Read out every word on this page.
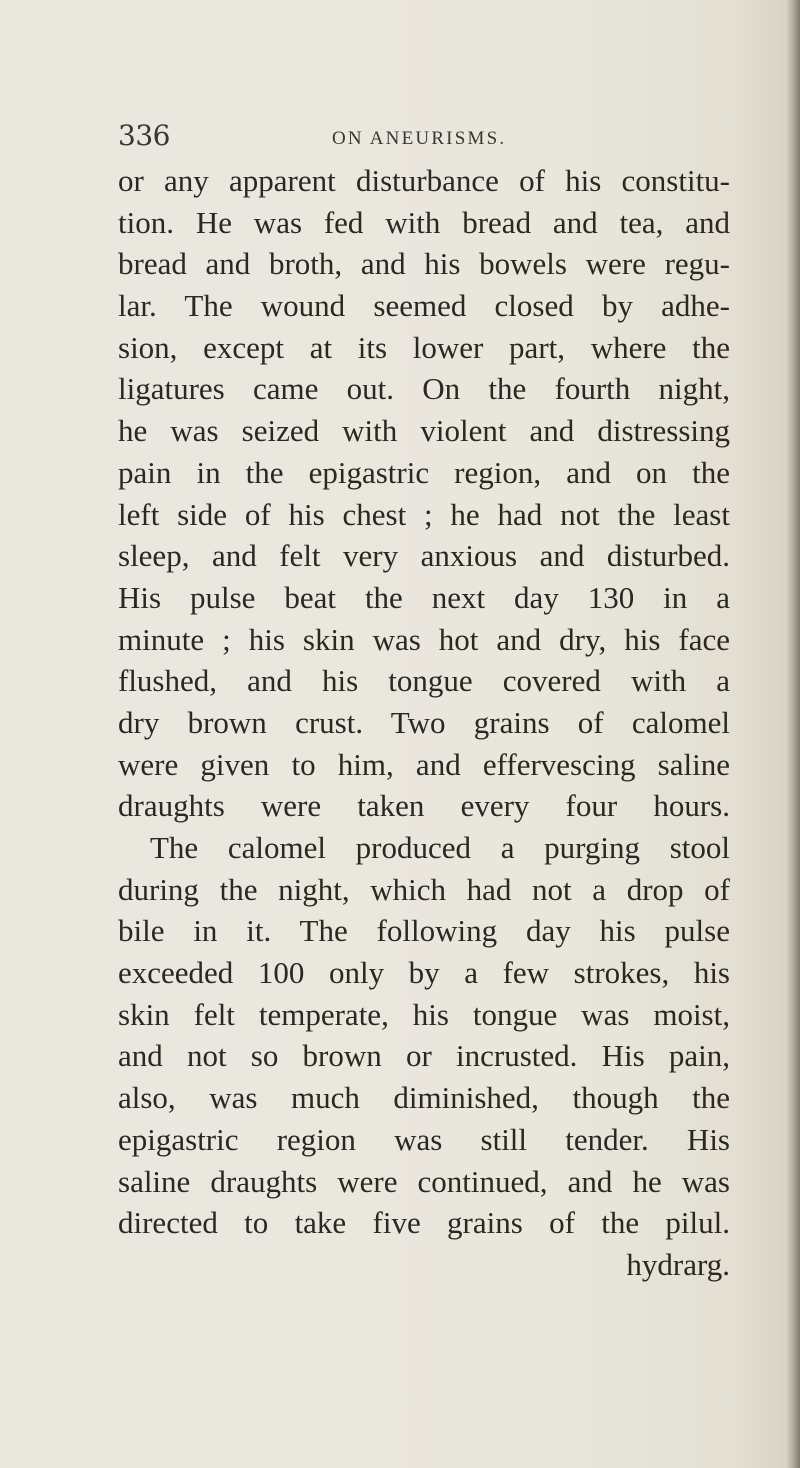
336	ON ANEURISMS.
or any apparent disturbance of his constitu-
tion. He was fed with bread and tea, and
bread and broth, and his bowels were regu-
lar. The wound seemed closed by adhe-
sion, except at its lower part, where the
ligatures came out. On the fourth night,
he was seized with violent and distressing
pain in the epigastric region, and on the
left side of his chest ; he had not the least
sleep, and felt very anxious and disturbed.
His pulse beat the next day 130 in a
minute ; his skin was hot and dry, his face
flushed, and his tongue covered with a
dry brown crust. Two grains of calomel
were given to him, and effervescing saline
draughts were taken every four hours.
The calomel produced a purging stool
during the night, which had not a drop of
bile in it. The following day his pulse
exceeded 100 only by a few strokes, his
skin felt temperate, his tongue was moist,
and not so brown or incrusted. His pain,
also, was much diminished, though the
epigastric region was still tender. His
saline draughts were continued, and he was
directed to take five grains of the pilul.
hydrarg.
